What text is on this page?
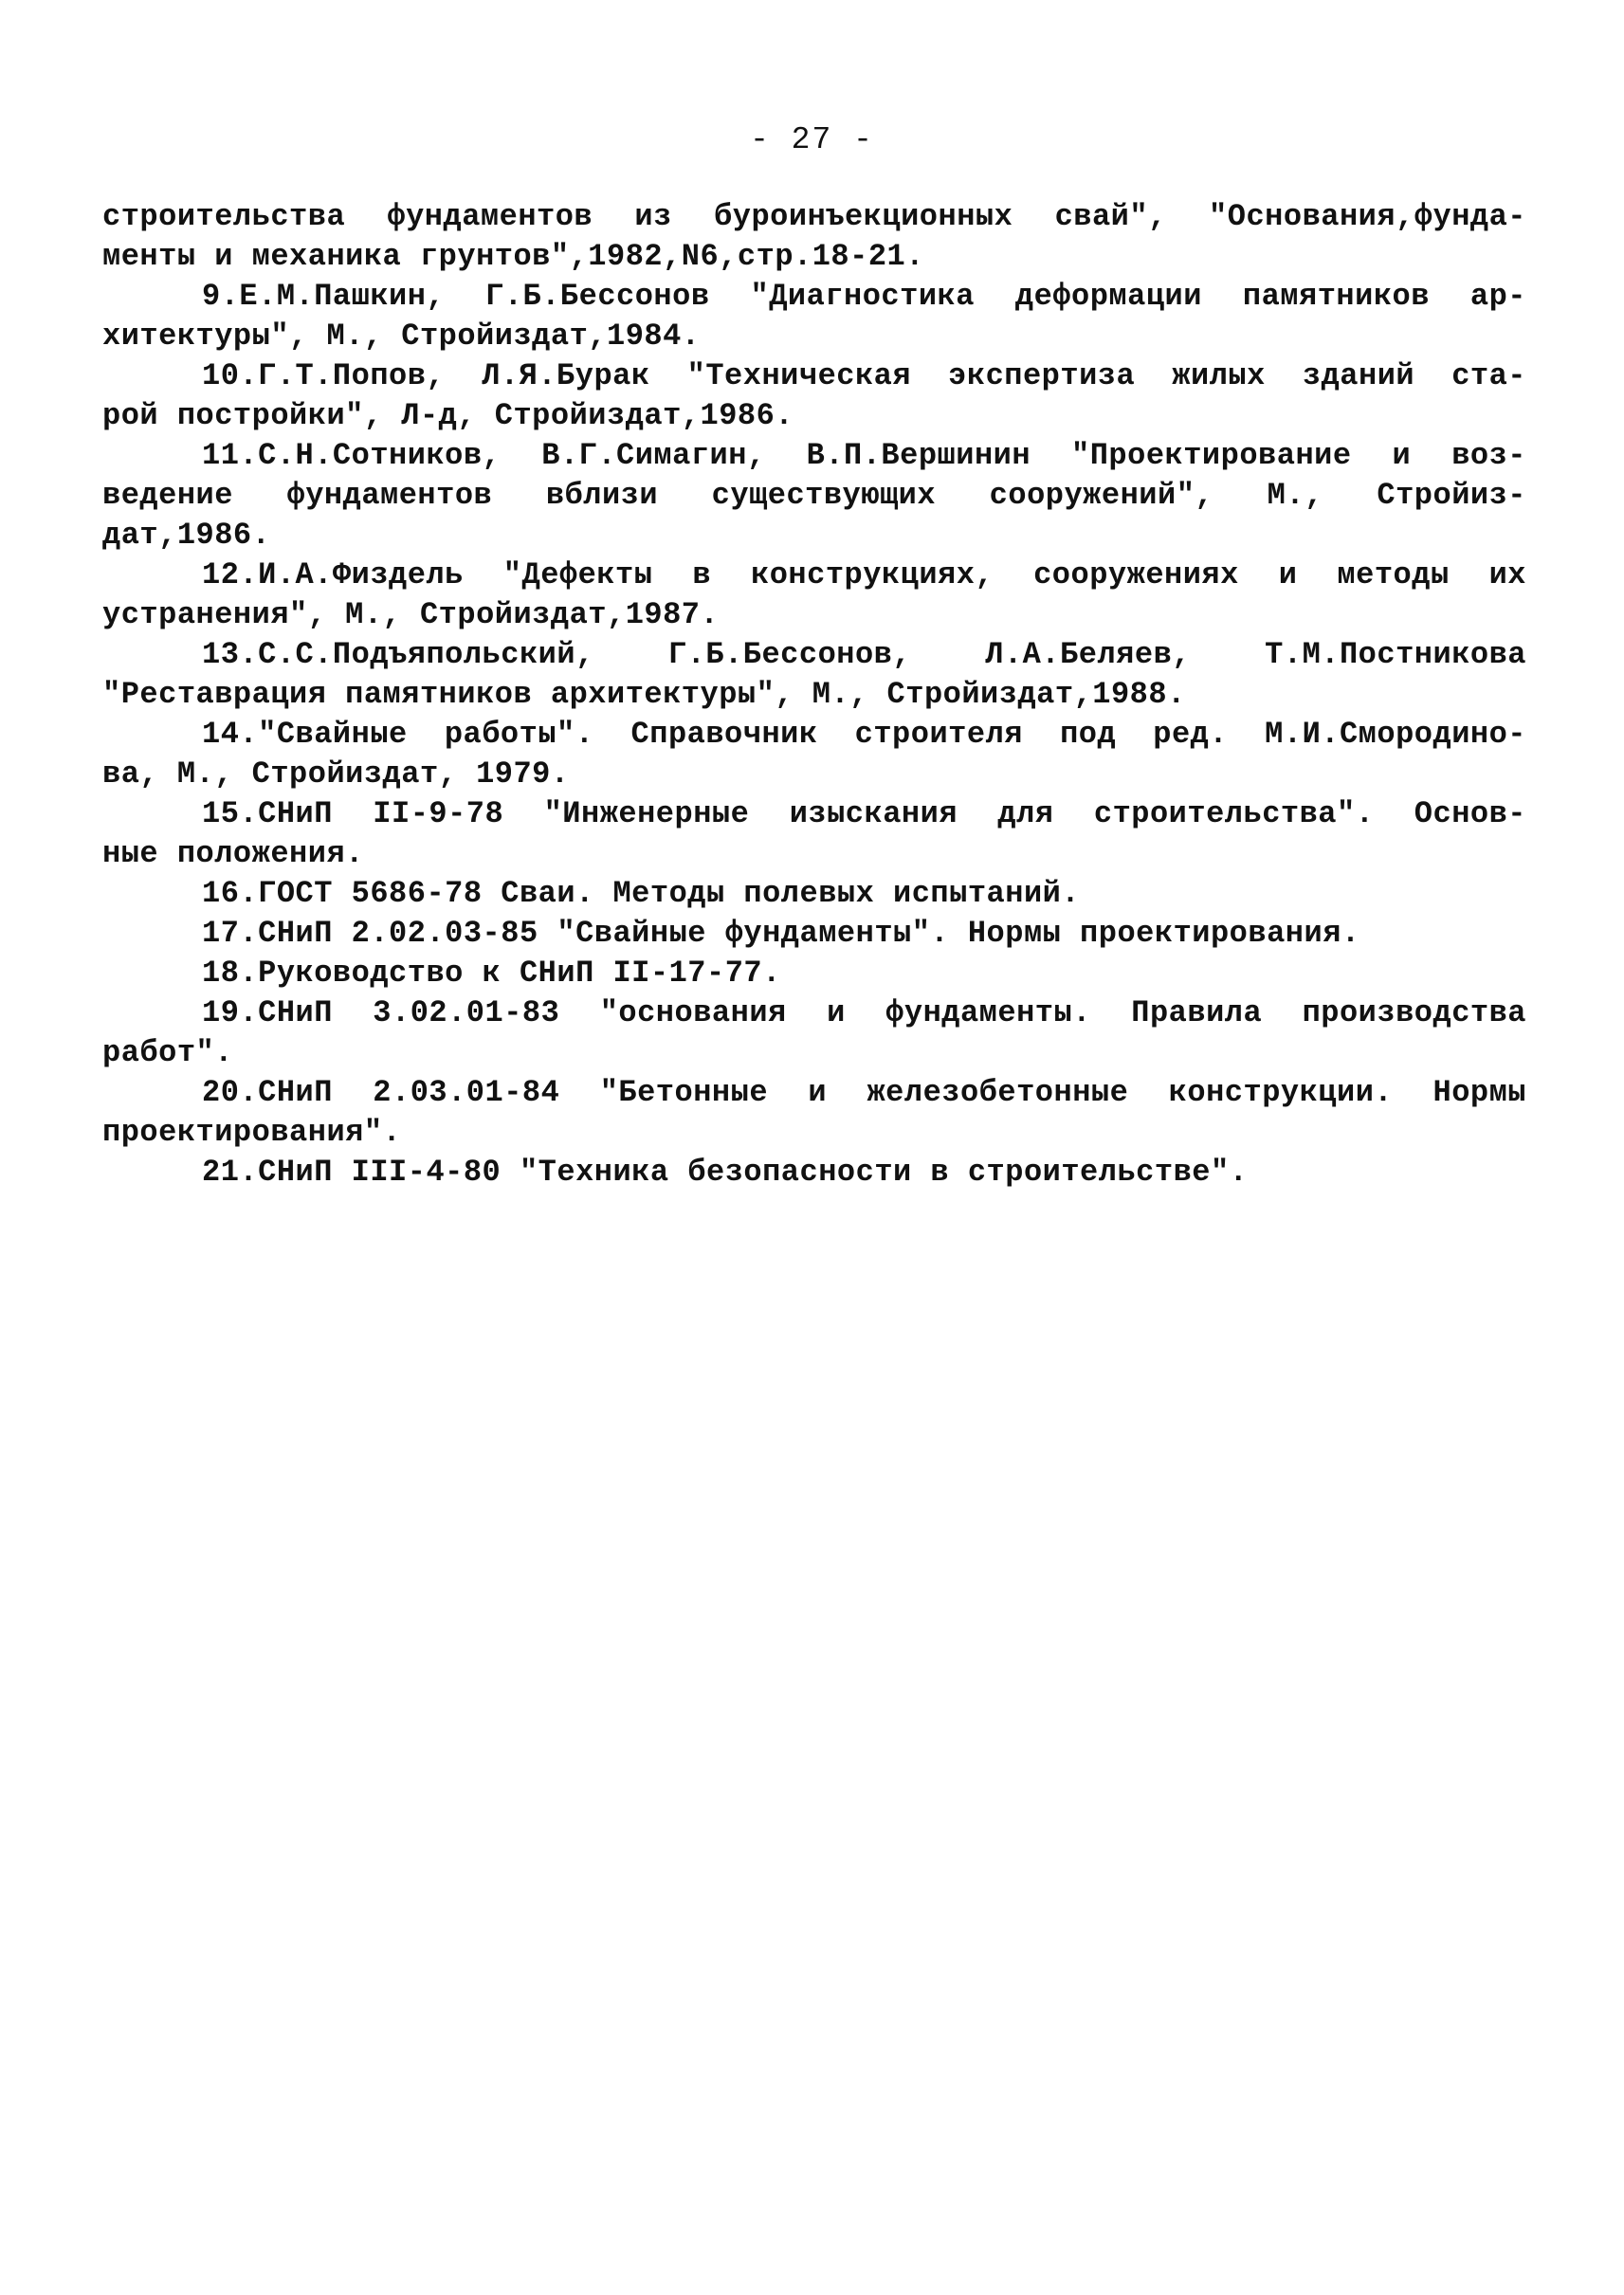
- 27 -
строительства фундаментов из буроинъекционных свай", "Основания,фунда-
менты и механика грунтов",1982,N6,стр.18-21.
9.Е.М.Пашкин, Г.Б.Бессонов "Диагностика деформации памятников ар-
хитектуры", М., Стройиздат,1984.
10.Г.Т.Попов, Л.Я.Бурак "Техническая экспертиза жилых зданий ста-
рой постройки", Л-д, Стройиздат,1986.
11.С.Н.Сотников, В.Г.Симагин, В.П.Вершинин "Проектирование и воз-
ведение фундаментов вблизи существующих сооружений", М., Стройиз-
дат,1986.
12.И.А.Физдель "Дефекты в конструкциях, сооружениях и методы их
устранения", М., Стройиздат,1987.
13.С.С.Подъяпольский, Г.Б.Бессонов, Л.А.Беляев, Т.М.Постникова
"Реставрация памятников архитектуры", М., Стройиздат,1988.
14."Свайные работы". Справочник строителя под ред. М.И.Смородино-
ва, М., Стройиздат, 1979.
15.СНиП II-9-78 "Инженерные изыскания для строительства". Основ-
ные положения.
16.ГОСТ 5686-78 Сваи. Методы полевых испытаний.
17.СНиП 2.02.03-85 "Свайные фундаменты". Нормы проектирования.
18.Руководство к СНиП II-17-77.
19.СНиП 3.02.01-83 "основания и фундаменты. Правила производства
работ".
20.СНиП 2.03.01-84 "Бетонные и железобетонные конструкции. Нормы
проектирования".
21.СНиП III-4-80 "Техника безопасности в строительстве".
